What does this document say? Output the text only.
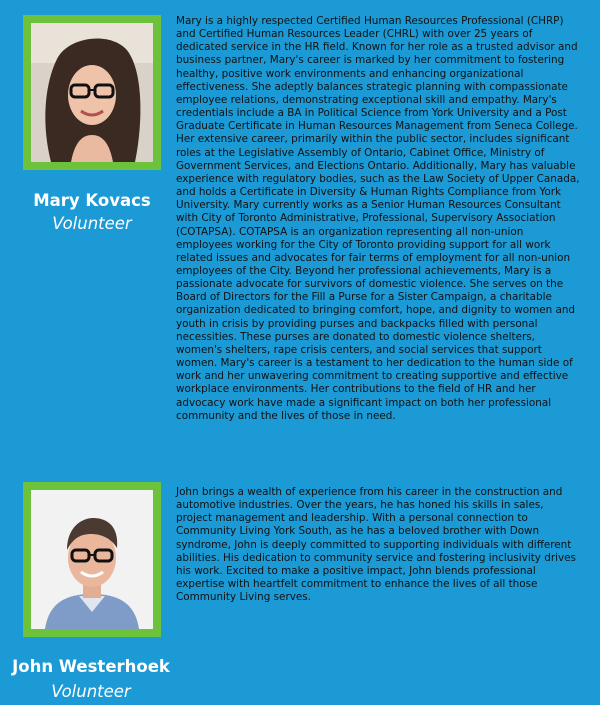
Mary Kovacs
Volunteer

Mary is a highly respected Certified Human Resources Professional (CHRP) and Certified Human Resources Leader (CHRL) with over 25 years of dedicated service in the HR field. Known for her role as a trusted advisor and business partner, Mary's career is marked by her commitment to fostering healthy, positive work environments and enhancing organizational effectiveness. She adeptly balances strategic planning with compassionate employee relations, demonstrating exceptional skill and empathy. Mary's credentials include a BA in Political Science from York University and a Post Graduate Certificate in Human Resources Management from Seneca College. Her extensive career, primarily within the public sector, includes significant roles at the Legislative Assembly of Ontario, Cabinet Office, Ministry of Government Services, and Elections Ontario. Additionally, Mary has valuable experience with regulatory bodies, such as the Law Society of Upper Canada, and holds a Certificate in Diversity & Human Rights Compliance from York University. Mary currently works as a Senior Human Resources Consultant with City of Toronto Administrative, Professional, Supervisory Association (COTAPSA). COTAPSA is an organization representing all non-union employees working for the City of Toronto providing support for all work related issues and advocates for fair terms of employment for all non-union employees of the City. Beyond her professional achievements, Mary is a passionate advocate for survivors of domestic violence. She serves on the Board of Directors for the Fill a Purse for a Sister Campaign, a charitable organization dedicated to bringing comfort, hope, and dignity to women and youth in crisis by providing purses and backpacks filled with personal necessities. These purses are donated to domestic violence shelters, women's shelters, rape crisis centers, and social services that support women. Mary's career is a testament to her dedication to the human side of work and her unwavering commitment to creating supportive and effective workplace environments. Her contributions to the field of HR and her advocacy work have made a significant impact on both her professional community and the lives of those in need.

John Westerhoek
Volunteer

John brings a wealth of experience from his career in the construction and automotive industries. Over the years, he has honed his skills in sales, project management and leadership. With a personal connection to Community Living York South, as he has a beloved brother with Down syndrome, John is deeply committed to supporting individuals with different abilities. His dedication to community service and fostering inclusivity drives his work. Excited to make a positive impact, John blends professional expertise with heartfelt commitment to enhance the lives of all those Community Living serves.
